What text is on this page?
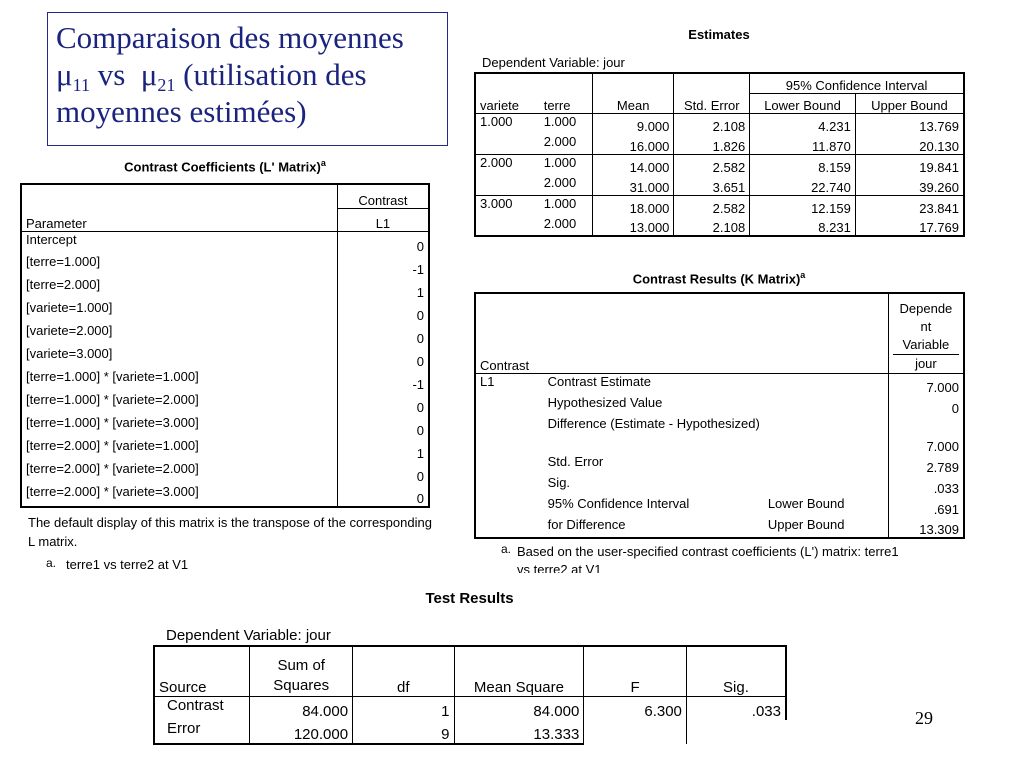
Comparaison des moyennes
$\mu_{11}$ vs  $\mu_{21}$ (utilisation des
moyennes estimées)
Estimates
Dependent Variable: jour
				95% Confidence Interval	
variete	terre	Mean	Std. Error	Lower Bound	Upper Bound
1.000	1.000	9.000	2.108	4.231	13.769
	2.000	16.000	1.826	11.870	20.130
2.000	1.000	14.000	2.582	8.159	19.841
	2.000	31.000	3.651	22.740	39.260
3.000	1.000	18.000	2.582	12.159	23.841
	2.000	13.000	2.108	8.231	17.769
Contrast Coefficients (L' Matrix)$^a$
	Contrast
Parameter	L1
Intercept	0
[terre=1.000]	-1
[terre=2.000]	1
[variete=1.000]	0
[variete=2.000]	0
[variete=3.000]	0
[terre=1.000] * [variete=1.000]	-1
[terre=1.000] * [variete=2.000]	0
[terre=1.000] * [variete=3.000]	0
[terre=2.000] * [variete=1.000]	1
[terre=2.000] * [variete=2.000]	0
[terre=2.000] * [variete=3.000]	0
The default display of this matrix is the transpose of the corresponding L matrix.
a. terre1 vs terre2 at V1
Contrast Results (K Matrix)$^a$
Contrast			Depende
nt
Variable
jour

L1	Contrast Estimate		7.000
	Hypothesized Value		0
	Difference (Estimate - Hypothesized)		7.000
	Std. Error		2.789
	Sig.		.033
	95% Confidence Interval	Lower Bound	.691
	for Difference	Upper Bound	13.309
a. Based on the user-specified contrast coefficients (L') matrix: terre1
vs terre2 at V1
Test Results
Dependent Variable: jour
Source	Sum of
Squares	df	Mean Square	F	Sig.
Contrast	84.000	1	84.000	6.300	.033
Error	120.000	9	13.333		
29
